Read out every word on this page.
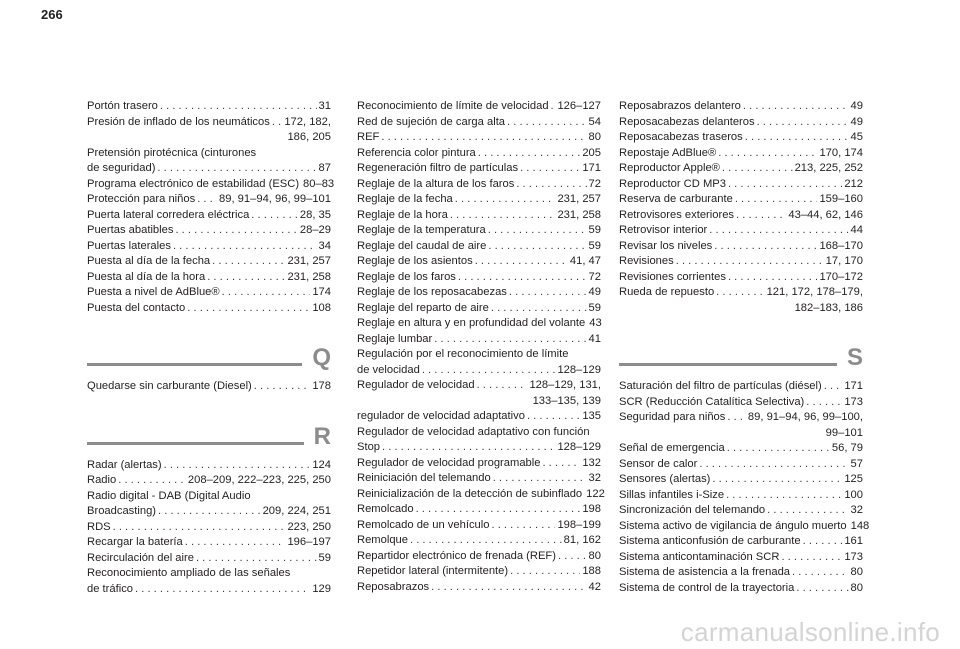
266
Portón trasero . . .	31
Presión de inflado de los neumáticos . . . 172, 182,
186, 205
Pretensión pirotécnica (cinturones
de seguridad) . . .	87
Programa electrónico de estabilidad (ESC) 80–83
Protección para niños . . . 89, 91–94, 96, 99–101
Puerta lateral corredera eléctrica . . .	28, 35
Puertas abatibles . . .	28–29
Puertas laterales . . .	34
Puesta al día de la fecha . . .	231, 257
Puesta al día de la hora . . .	231, 258
Puesta a nivel de AdBlue® . . .	174
Puesta del contacto . . .	108
Q
Quedarse sin carburante (Diesel) . . .	178
R
Radar (alertas) . . .	124
Radio . . .	208–209, 222–223, 225, 250
Radio digital - DAB (Digital Audio
Broadcasting) . . .	209, 224, 251
RDS . . .	223, 250
Recargar la batería . . .	196–197
Recirculación del aire . . .	59
Reconocimiento ampliado de las señales
de tráfico . . .	129
Reconocimiento de límite de velocidad . . . 126–127
Red de sujeción de carga alta . . .	54
REF . . .	80
Referencia color pintura . . .	205
Regeneración filtro de partículas . . .	171
Reglaje de la altura de los faros . . .	72
Reglaje de la fecha . . .	231, 257
Reglaje de la hora . . .	231, 258
Reglaje de la temperatura . . .	59
Reglaje del caudal de aire . . .	59
Reglaje de los asientos . . .	41, 47
Reglaje de los faros . . .	72
Reglaje de los reposacabezas . . .	49
Reglaje del reparto de aire . . .	59
Reglaje en altura y en profundidad del volante 43
Reglaje lumbar . . .	41
Regulación por el reconocimiento de límite
de velocidad . . .	128–129
Regulador de velocidad . . .	128–129, 131,
133–135, 139
regulador de velocidad adaptativo . . .	135
Regulador de velocidad adaptativo con función
Stop . . .	128–129
Regulador de velocidad programable . . .	132
Reiniciación del telemando . . .	32
Reinicialización de la detección de subinflado 122
Remolcado . . .	198
Remolcado de un vehículo . . .	198–199
Remolque . . .	81, 162
Repartidor electrónico de frenada (REF) . . .	80
Repetidor lateral (intermitente) . . .	188
Reposabrazos . . .	42
Reposabrazos delantero . . .	49
Reposacabezas delanteros . . .	49
Reposacabezas traseros . . .	45
Repostaje AdBlue® . . .	170, 174
Reproductor Apple® . . .	213, 225, 252
Reproductor CD MP3 . . .	212
Reserva de carburante . . .	159–160
Retrovisores exteriores . . .	43–44, 62, 146
Retrovisor interior . . .	44
Revisar los niveles . . .	168–170
Revisiones . . .	17, 170
Revisiones corrientes . . .	170–172
Rueda de repuesto . . .	121, 172, 178–179,
182–183, 186
S
Saturación del filtro de partículas (diésel) . . . 171
SCR (Reducción Catalítica Selectiva) . . .	173
Seguridad para niños . . . 89, 91–94, 96, 99–100,
99–101
Señal de emergencia . . .	56, 79
Sensor de calor . . .	57
Sensores (alertas) . . .	125
Sillas infantiles i-Size . . .	100
Sincronización del telemando . . .	32
Sistema activo de vigilancia de ángulo muerto 148
Sistema anticonfusión de carburante . . .	161
Sistema anticontaminación SCR . . .	173
Sistema de asistencia a la frenada . . .	80
Sistema de control de la trayectoria . . .	80
carmanualsonline.info
